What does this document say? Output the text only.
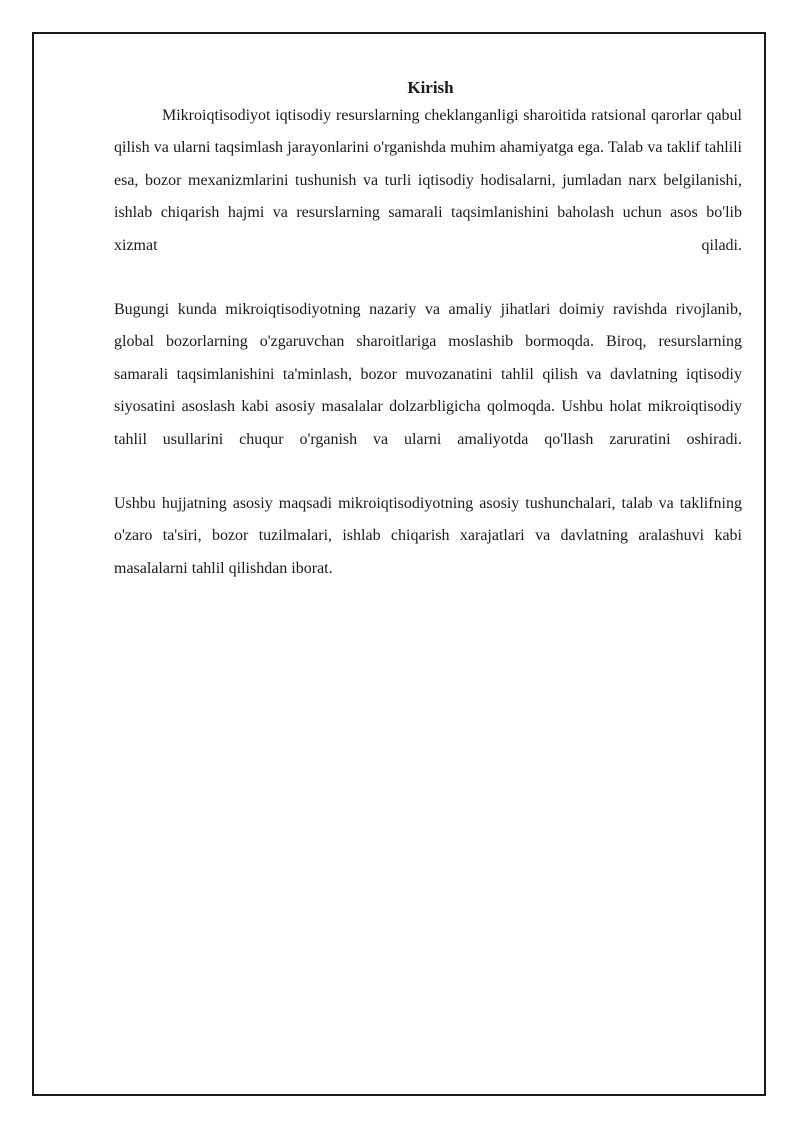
Kirish

Mikroiqtisodiyot iqtisodiy resurslarning cheklanganligi sharoitida ratsional qarorlar qabul qilish va ularni taqsimlash jarayonlarini o'rganishda muhim ahamiyatga ega. Talab va taklif tahlili esa, bozor mexanizmlarini tushunish va turli iqtisodiy hodisalarni, jumladan narx belgilanishi, ishlab chiqarish hajmi va resurslarning samarali taqsimlanishini baholash uchun asos bo'lib xizmat qiladi.

Bugungi kunda mikroiqtisodiyotning nazariy va amaliy jihatlari doimiy ravishda rivojlanib, global bozorlarning o'zgaruvchan sharoitlariga moslashib bormoqda. Biroq, resurslarning samarali taqsimlanishini ta'minlash, bozor muvozanatini tahlil qilish va davlatning iqtisodiy siyosatini asoslash kabi asosiy masalalar dolzarbligicha qolmoqda. Ushbu holat mikroiqtisodiy tahlil usullarini chuqur o'rganish va ularni amaliyotda qo'llash zaruratini oshiradi.

Ushbu hujjatning asosiy maqsadi mikroiqtisodiyotning asosiy tushunchalari, talab va taklifning o'zaro ta'siri, bozor tuzilmalari, ishlab chiqarish xarajatlari va davlatning aralashuvi kabi masalalarni tahlil qilishdan iborat.
